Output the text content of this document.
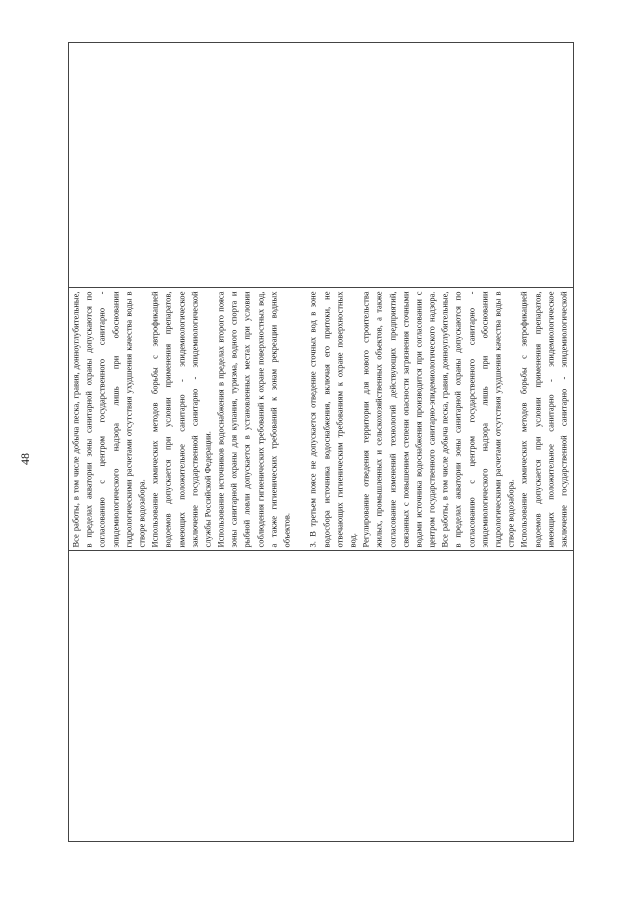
48	Все работы, в том числе добыча песка, гравия, донноуглубительные, в пределах акватории зоны санитарной охраны допускаются по согласованию с центром государственного санитарно - эпидемиологического надзора лишь при обосновании гидрологическими расчетами отсутствия ухудшения качества воды в створе водозабора. Использование химических методов борьбы с эвтрофикацией водоемов допускается при условии применения препаратов, имеющих положительное санитарно - эпидемиологическое заключение государственной санитарно - эпидемиологической службы Российской Федерации. Использование источников водоснабжения в пределах второго пояса зоны санитарной охраны для купания, туризма, водного спорта и рыбной ловли допускается в установленных местах при условии соблюдения гигиенических требований к охране поверхностных вод, а также гигиенических требований к зонам рекреации водных объектов. 3. В третьем поясе не допускается отведение сточных вод в зоне водосбора источника водоснабжения, включая его притоки, не отвечающих гигиеническим требованиям к охране поверхностных вод. Регулирование отведения территории для нового строительства жилых, промышленных и сельскохозяйственных объектов, а также согласование изменений технологий действующих предприятий, связанных с повышением степени опасности загрязнения сточными водами источника водоснабжения производится при согласовании с центром государственного санитарно-эпидемиологического надзора. Все работы, в том числе добыча песка, гравия, донноуглубительные, в пределах акватории зоны санитарной охраны допускаются по согласованию с центром государственного санитарно - эпидемиологического надзора лишь при обосновании гидрологическими расчетами отсутствия ухудшения качества воды в створе водозабора. Использование химических методов борьбы с эвтрофикацией водоемов допускается при условии применения препаратов, имеющих положительное санитарно - эпидемиологическое заключение государственной санитарно - эпидемиологической
